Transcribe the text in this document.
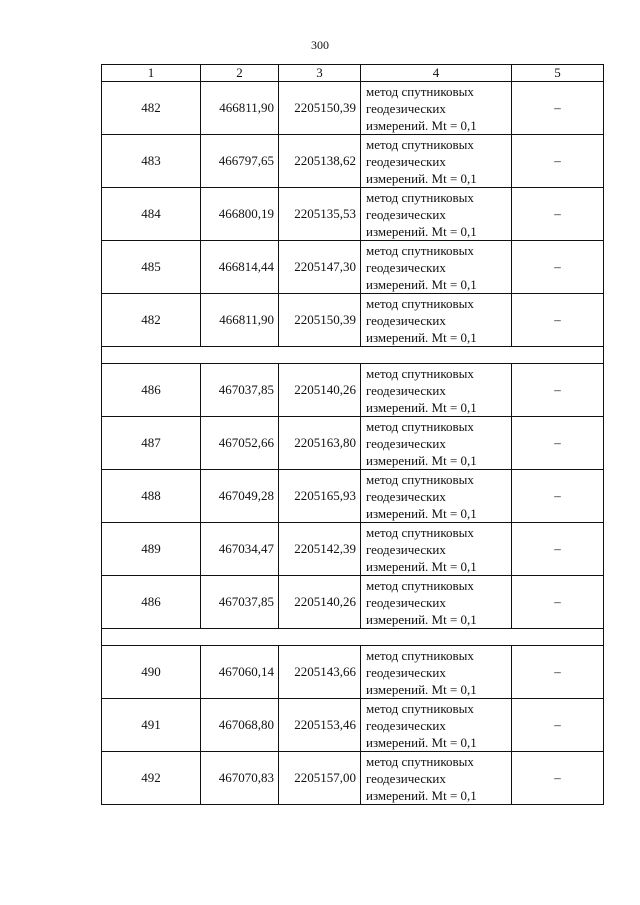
300
1	2	3	4	5
482	466811,90	2205150,39	метод спутниковых
геодезических
измерений. Mt = 0,1	–
483	466797,65	2205138,62	метод спутниковых
геодезических
измерений. Mt = 0,1	–
484	466800,19	2205135,53	метод спутниковых
геодезических
измерений. Mt = 0,1	–
485	466814,44	2205147,30	метод спутниковых
геодезических
измерений. Mt = 0,1	–
482	466811,90	2205150,39	метод спутниковых
геодезических
измерений. Mt = 0,1	–

486	467037,85	2205140,26	метод спутниковых
геодезических
измерений. Mt = 0,1	–
487	467052,66	2205163,80	метод спутниковых
геодезических
измерений. Mt = 0,1	–
488	467049,28	2205165,93	метод спутниковых
геодезических
измерений. Mt = 0,1	–
489	467034,47	2205142,39	метод спутниковых
геодезических
измерений. Mt = 0,1	–
486	467037,85	2205140,26	метод спутниковых
геодезических
измерений. Mt = 0,1	–

490	467060,14	2205143,66	метод спутниковых
геодезических
измерений. Mt = 0,1	–
491	467068,80	2205153,46	метод спутниковых
геодезических
измерений. Mt = 0,1	–
492	467070,83	2205157,00	метод спутниковых
геодезических
измерений. Mt = 0,1	–
